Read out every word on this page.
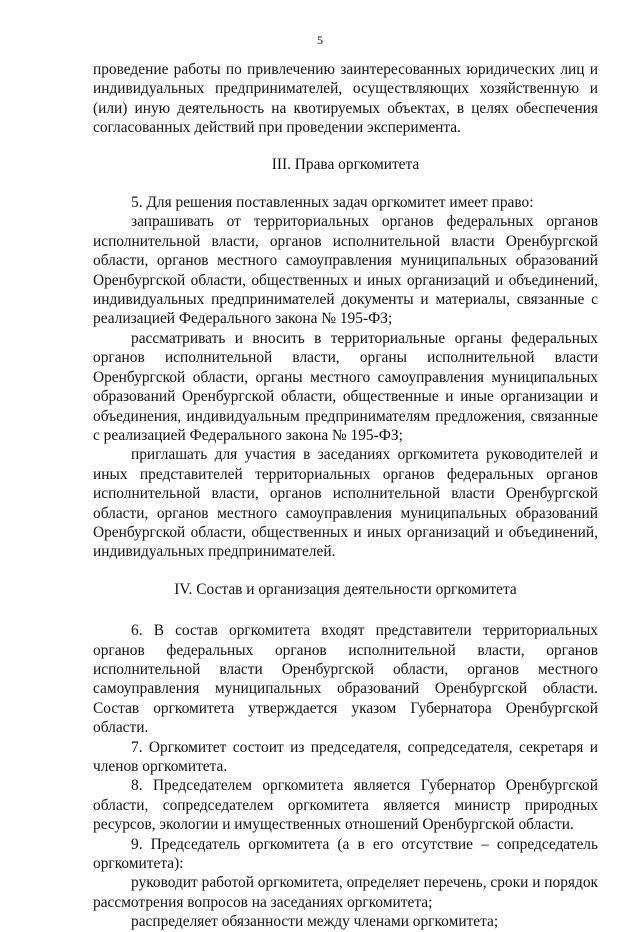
5

проведение работы по привлечению заинтересованных юридических лиц и индивидуальных предпринимателей, осуществляющих хозяйственную и (или) иную деятельность на квотируемых объектах, в целях обеспечения согласованных действий при проведении эксперимента.

III. Права оргкомитета

5. Для решения поставленных задач оргкомитет имеет право:

запрашивать от территориальных органов федеральных органов исполнительной власти, органов исполнительной власти Оренбургской области, органов местного самоуправления муниципальных образований Оренбургской области, общественных и иных организаций и объединений, индивидуальных предпринимателей документы и материалы, связанные с реализацией Федерального закона № 195-ФЗ;

рассматривать и вносить в территориальные органы федеральных органов исполнительной власти, органы исполнительной власти Оренбургской области, органы местного самоуправления муниципальных образований Оренбургской области, общественные и иные организации и объединения, индивидуальным предпринимателям предложения, связанные с реализацией Федерального закона № 195-ФЗ;

приглашать для участия в заседаниях оргкомитета руководителей и иных представителей территориальных органов федеральных органов исполнительной власти, органов исполнительной власти Оренбургской области, органов местного самоуправления муниципальных образований Оренбургской области, общественных и иных организаций и объединений, индивидуальных предпринимателей.

IV. Состав и организация деятельности оргкомитета

6. В состав оргкомитета входят представители территориальных органов федеральных органов исполнительной власти, органов исполнительной власти Оренбургской области, органов местного самоуправления муниципальных образований Оренбургской области. Состав оргкомитета утверждается указом Губернатора Оренбургской области.

7. Оргкомитет состоит из председателя, сопредседателя, секретаря и членов оргкомитета.

8. Председателем оргкомитета является Губернатор Оренбургской области, сопредседателем оргкомитета является министр природных ресурсов, экологии и имущественных отношений Оренбургской области.

9. Председатель оргкомитета (а в его отсутствие – сопредседатель оргкомитета):

руководит работой оргкомитета, определяет перечень, сроки и порядок рассмотрения вопросов на заседаниях оргкомитета;

распределяет обязанности между членами оргкомитета;
